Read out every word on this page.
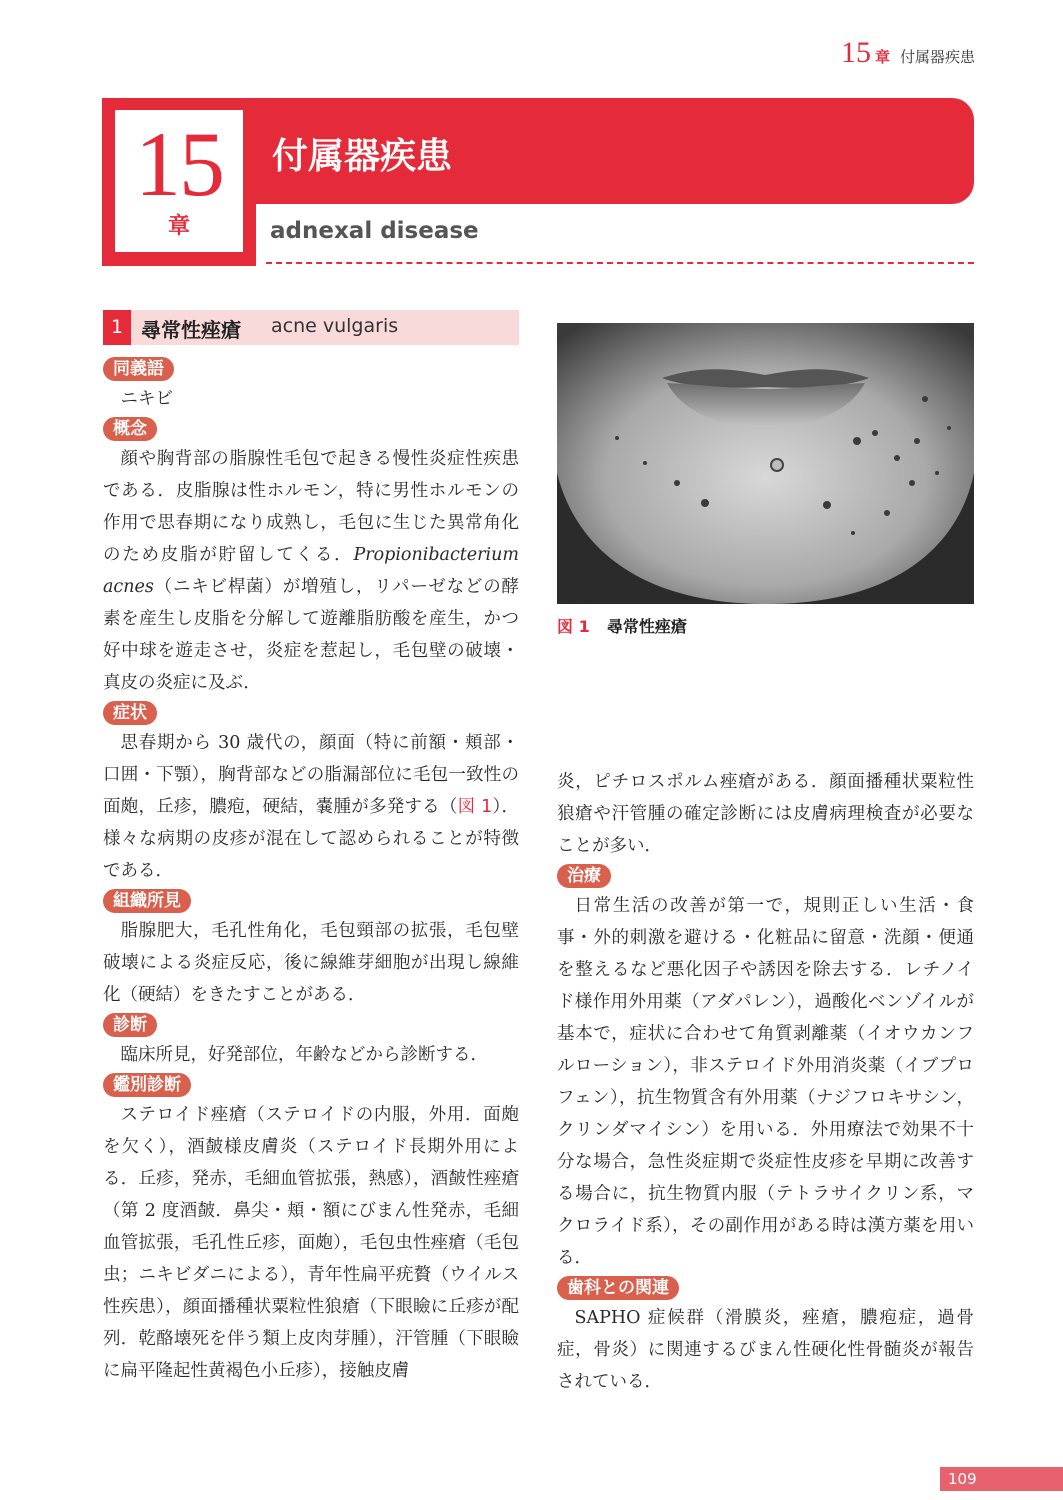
15 章 付属器疾患
15
章
付属器疾患
adnexal disease
1 尋常性痤瘡 acne vulgaris
同義語

ニキビ

概念

顔や胸背部の脂腺性毛包で起きる慢性炎症性疾患である．皮脂腺は性ホルモン，特に男性ホルモンの作用で思春期になり成熟し，毛包に生じた異常角化のため皮脂が貯留してくる．Propionibacterium acnes（ニキビ桿菌）が増殖し，リパーゼなどの酵素を産生し皮脂を分解して遊離脂肪酸を産生，かつ好中球を遊走させ，炎症を惹起し，毛包壁の破壊・真皮の炎症に及ぶ．

症状

思春期から 30 歳代の，顔面（特に前額・頬部・口囲・下顎），胸背部などの脂漏部位に毛包一致性の面皰，丘疹，膿疱，硬結，嚢腫が多発する（図 1）．様々な病期の皮疹が混在して認められることが特徴である．

組織所見

脂腺肥大，毛孔性角化，毛包頸部の拡張，毛包壁破壊による炎症反応，後に線維芽細胞が出現し線維化（硬結）をきたすことがある．

診断

臨床所見，好発部位，年齢などから診断する．

鑑別診断

ステロイド痤瘡（ステロイドの内服，外用．面皰を欠く），酒皶様皮膚炎（ステロイド長期外用による．丘疹，発赤，毛細血管拡張，熱感），酒皶性痤瘡（第 2 度酒皶．鼻尖・頬・額にびまん性発赤，毛細血管拡張，毛孔性丘疹，面皰），毛包虫性痤瘡（毛包虫；ニキビダニによる），青年性扁平疣贅（ウイルス性疾患），顔面播種状粟粒性狼瘡（下眼瞼に丘疹が配列．乾酪壊死を伴う類上皮肉芽腫），汗管腫（下眼瞼に扁平隆起性黄褐色小丘疹），接触皮膚

図 1 尋常性痤瘡

炎，ピチロスポルム痤瘡がある．顔面播種状粟粒性狼瘡や汗管腫の確定診断には皮膚病理検査が必要なことが多い．

治療

日常生活の改善が第一で，規則正しい生活・食事・外的刺激を避ける・化粧品に留意・洗顔・便通を整えるなど悪化因子や誘因を除去する．レチノイド様作用外用薬（アダパレン），過酸化ベンゾイルが基本で，症状に合わせて角質剥離薬（イオウカンフルローション），非ステロイド外用消炎薬（イブプロフェン），抗生物質含有外用薬（ナジフロキサシン，クリンダマイシン）を用いる．外用療法で効果不十分な場合，急性炎症期で炎症性皮疹を早期に改善する場合に，抗生物質内服（テトラサイクリン系，マクロライド系），その副作用がある時は漢方薬を用いる．

歯科との関連

SAPHO 症候群（滑膜炎，痤瘡，膿疱症，過骨症，骨炎）に関連するびまん性硬化性骨髄炎が報告されている．

109
